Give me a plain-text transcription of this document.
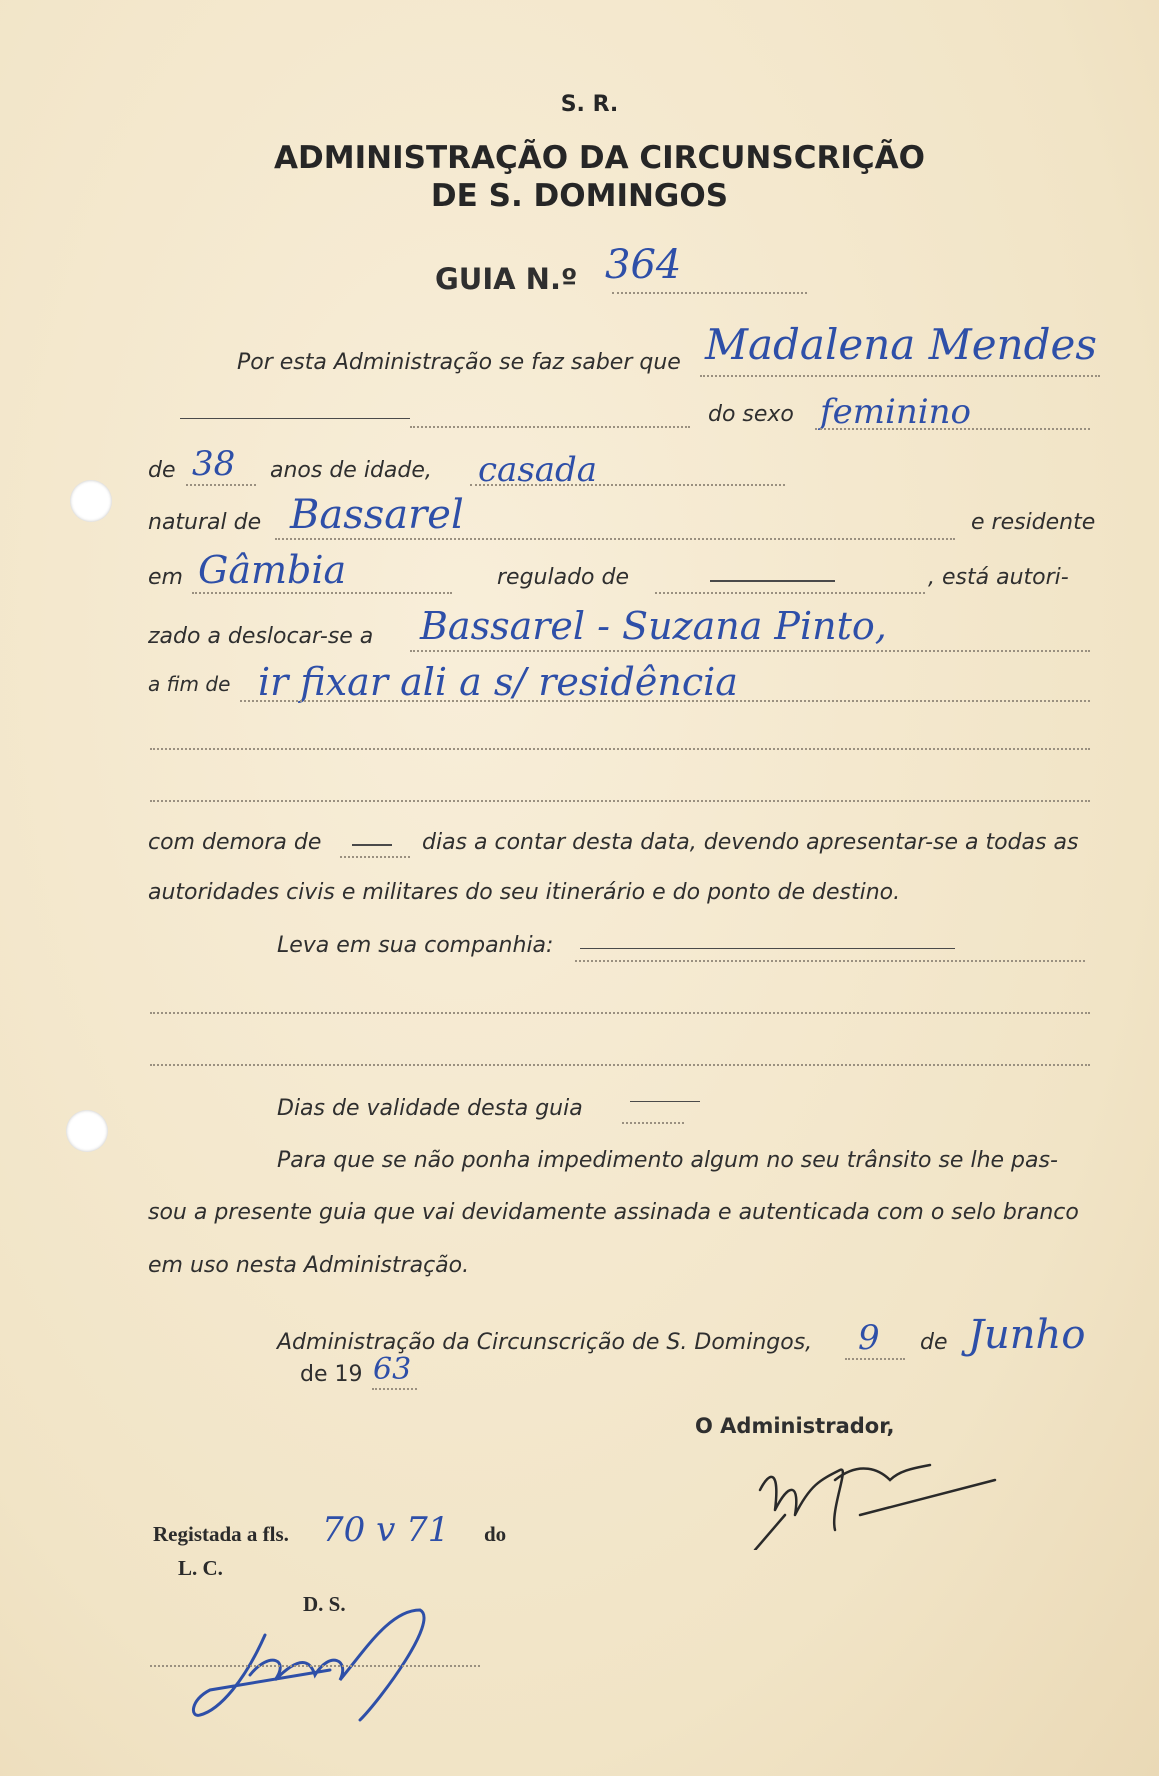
S. R.
ADMINISTRAÇÃO DA CIRCUNSCRIÇÃO
DE S. DOMINGOS
GUIA N.º 364
Por esta Administração se faz saber que Madalena Mendes
do sexo feminino
de 38 anos de idade, casada
natural de Bassarel	e residente
em Gâmbia	regulado de	, está autori-
zado a deslocar-se a Bassarel - Suzana Pinto,
a fim de ir fixar ali a s/ residência
com demora de	dias a contar desta data, devendo apresentar-se a todas as
autoridades civis e militares do seu itinerário e do ponto de destino.
Leva em sua companhia:
Dias de validade desta guia
Para que se não ponha impedimento algum no seu trânsito se lhe pas-
sou a presente guia que vai devidamente assinada e autenticada com o selo branco
em uso nesta Administração.
Administração da Circunscrição de S. Domingos, 9 de Junho
de 19 63
O Administrador,
Registada a fls. 70 v 71 do
L. C.
D. S.
